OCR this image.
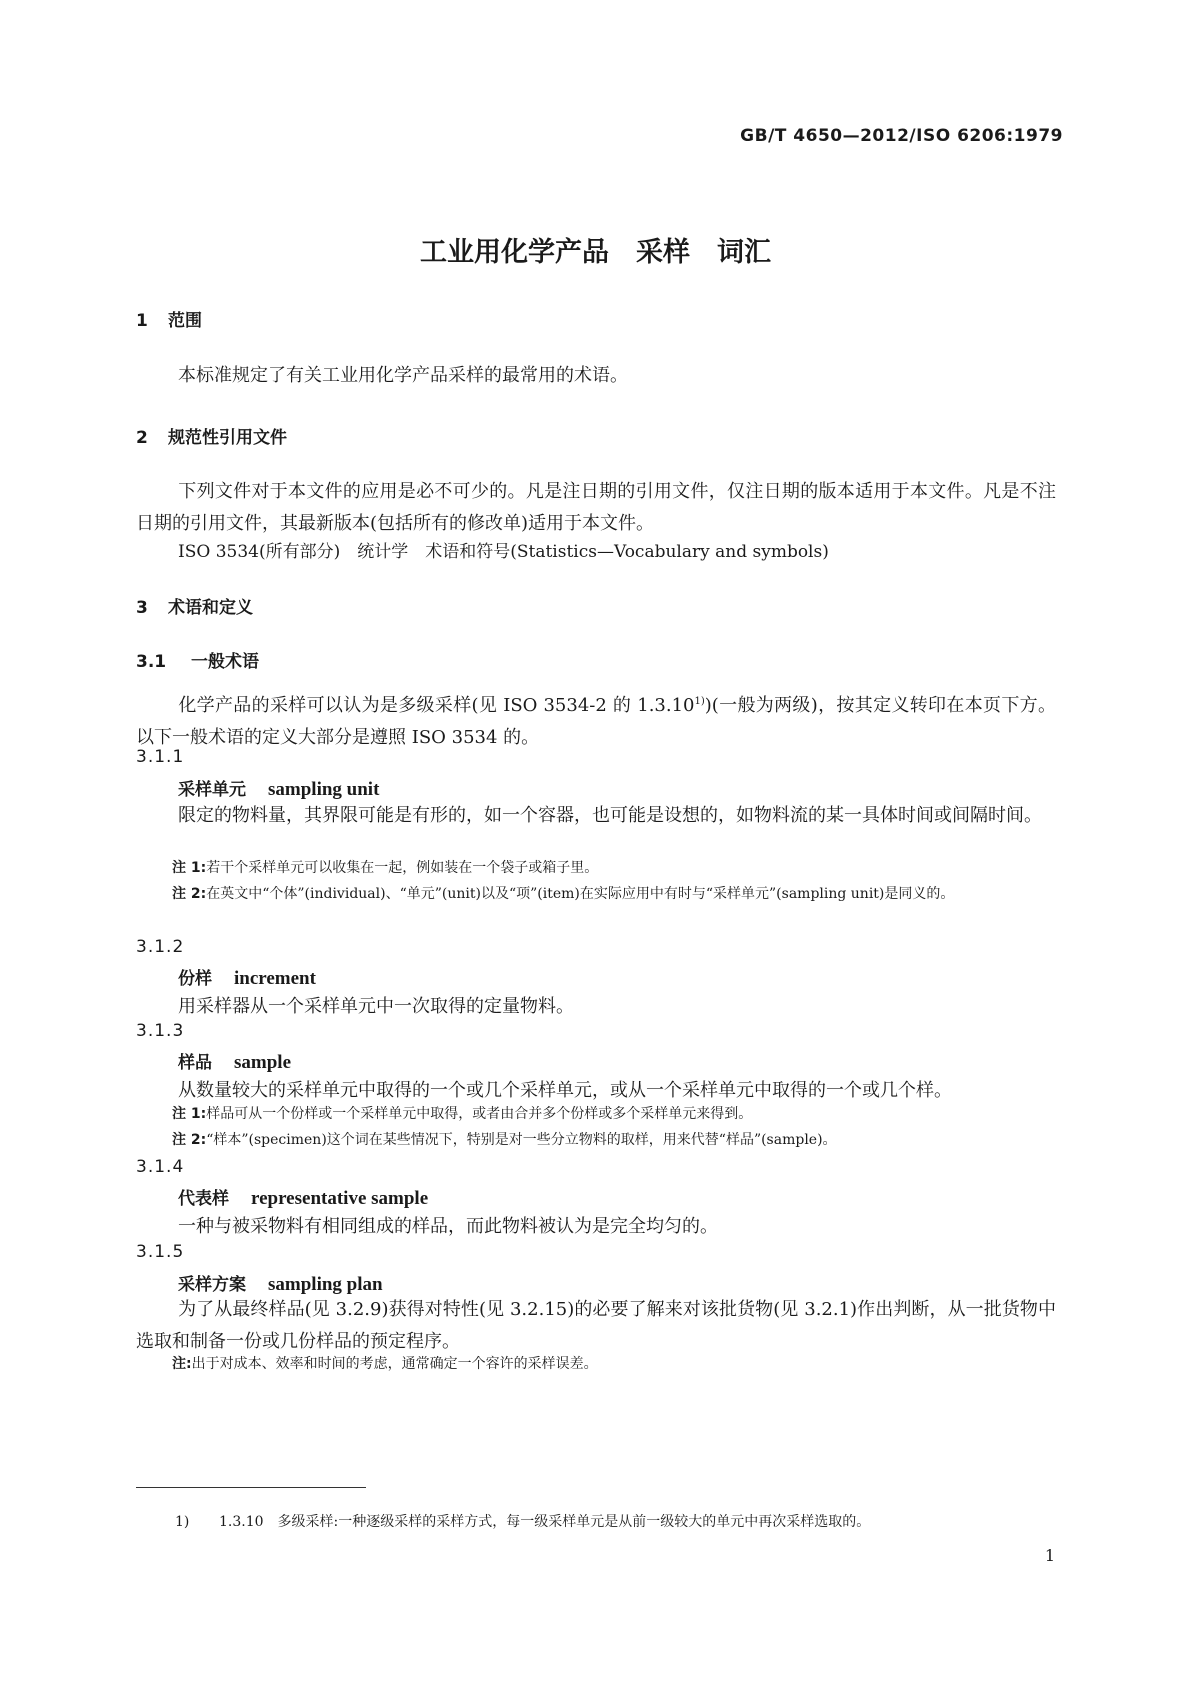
GB/T 4650—2012/ISO 6206:1979
工业用化学产品　采样　词汇
1 范围
本标准规定了有关工业用化学产品采样的最常用的术语。
2 规范性引用文件
下列文件对于本文件的应用是必不可少的。凡是注日期的引用文件，仅注日期的版本适用于本文件。凡是不注日期的引用文件，其最新版本(包括所有的修改单)适用于本文件。
ISO 3534(所有部分)　统计学　术语和符号(Statistics—Vocabulary and symbols)
3 术语和定义
3.1 一般术语
化学产品的采样可以认为是多级采样(见 ISO 3534-2 的 1.3.10$^{1)}$)(一般为两级)，按其定义转印在本页下方。以下一般术语的定义大部分是遵照 ISO 3534 的。
3.1.1
采样单元 sampling unit
限定的物料量，其界限可能是有形的，如一个容器，也可能是设想的，如物料流的某一具体时间或间隔时间。
注 1:若干个采样单元可以收集在一起，例如装在一个袋子或箱子里。
注 2:在英文中“个体”(individual)、“单元”(unit)以及“项”(item)在实际应用中有时与“采样单元”(sampling unit)是同义的。
3.1.2
份样 increment
用采样器从一个采样单元中一次取得的定量物料。
3.1.3
样品 sample
从数量较大的采样单元中取得的一个或几个采样单元，或从一个采样单元中取得的一个或几个样。
注 1:样品可从一个份样或一个采样单元中取得，或者由合并多个份样或多个采样单元来得到。
注 2:“样本”(specimen)这个词在某些情况下，特别是对一些分立物料的取样，用来代替“样品”(sample)。
3.1.4
代表样 representative sample
一种与被采物料有相同组成的样品，而此物料被认为是完全均匀的。
3.1.5
采样方案 sampling plan
为了从最终样品(见 3.2.9)获得对特性(见 3.2.15)的必要了解来对该批货物(见 3.2.1)作出判断，从一批货物中选取和制备一份或几份样品的预定程序。
注:出于对成本、效率和时间的考虑，通常确定一个容许的采样误差。
1) 1.3.10　多级采样:一种逐级采样的采样方式，每一级采样单元是从前一级较大的单元中再次采样选取的。
1
